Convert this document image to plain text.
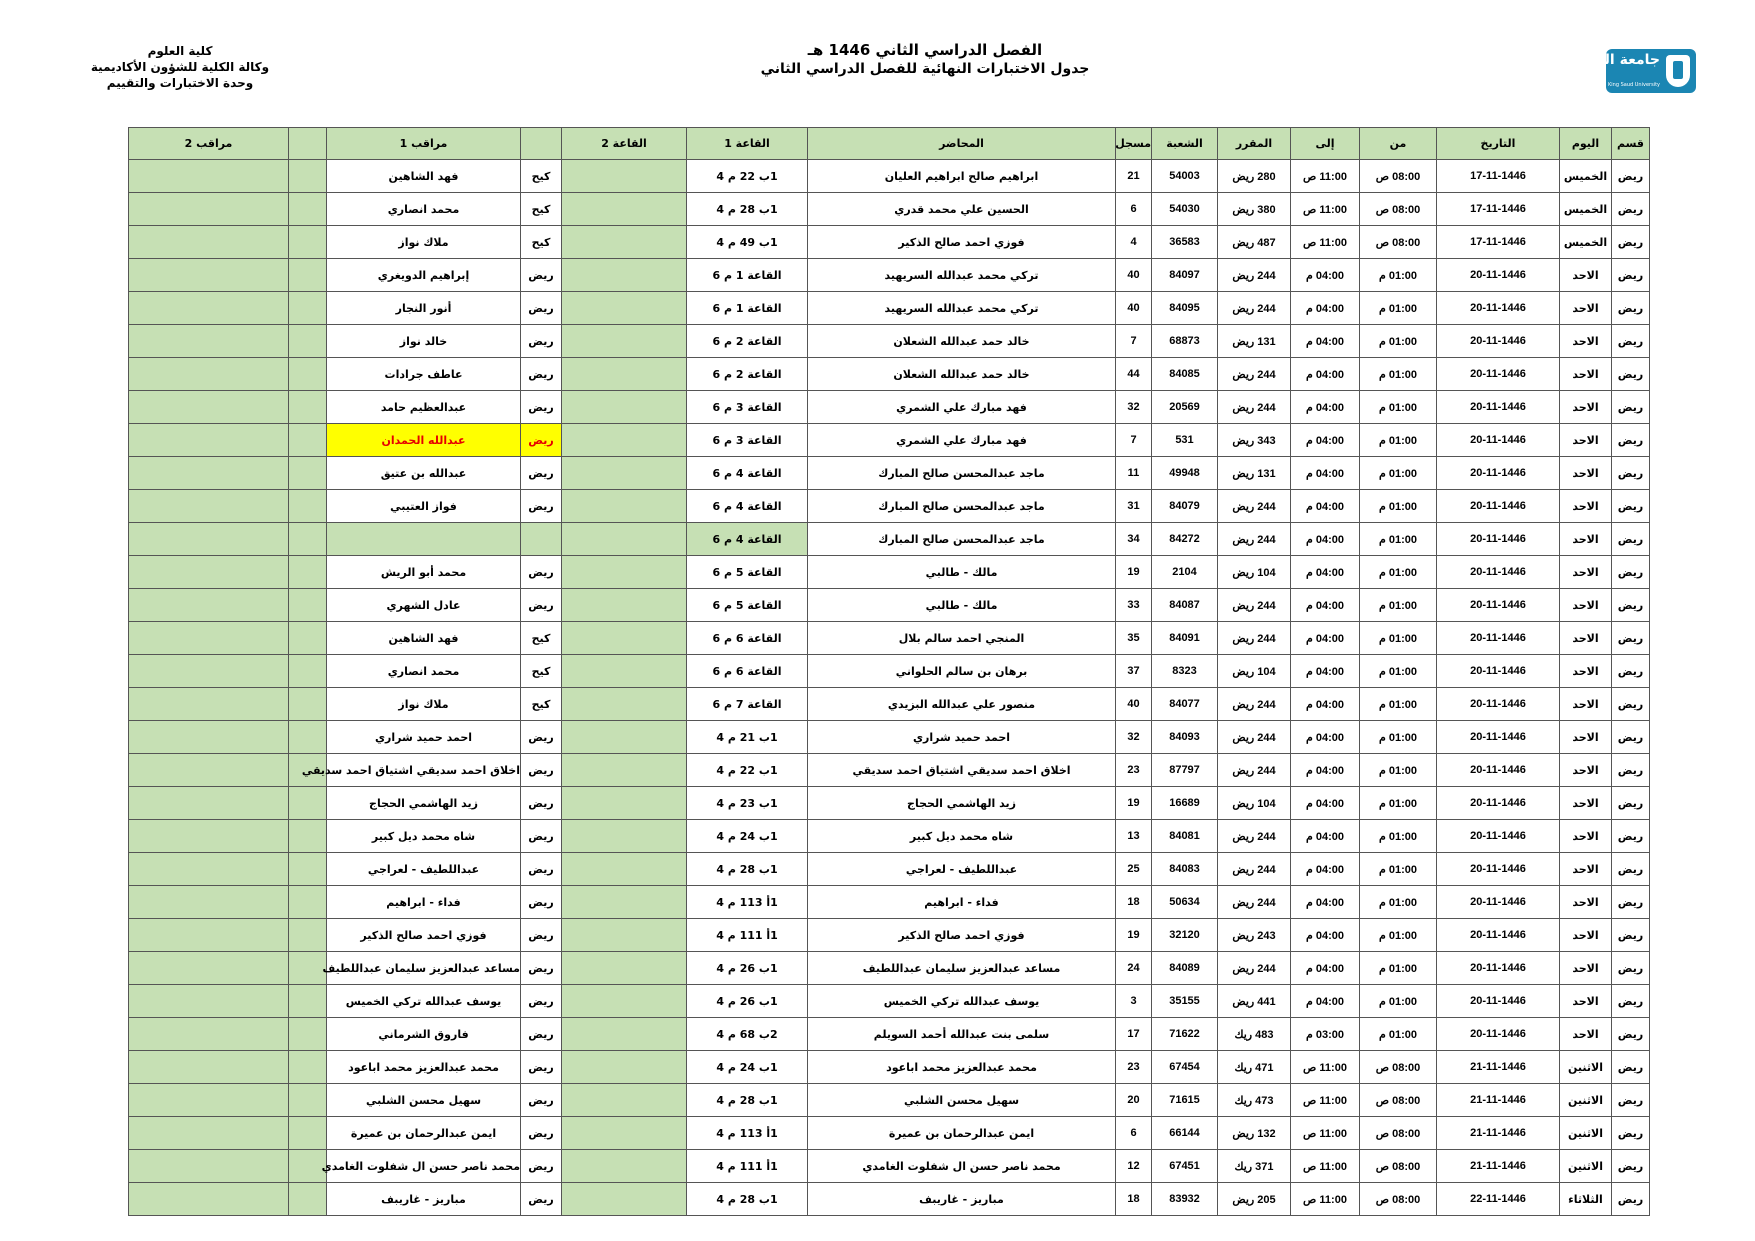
جامعة الملك سعود
King Saud University
الفصل الدراسي الثاني 1446 هـ
جدول الاختبارات النهائية للفصل الدراسي الثاني
كلية العلوم
وكالة الكلية للشؤون الأكاديمية
وحدة الاختبارات والتقييم
قسم	اليوم	التاريخ	من	إلى	المقرر	الشعبة	مسجل	المحاضر	القاعة 1	القاعة 2		مراقب 1		مراقب 2
ريض	الخميس	17-11-1446	08:00 ص	11:00 ص	280 ريض	54003	21	ابراهيم صالح ابراهيم العليان	1ب 22 م 4		كيح	فهد الشاهين		
ريض	الخميس	17-11-1446	08:00 ص	11:00 ص	380 ريض	54030	6	الحسين علي محمد قدري	1ب 28 م 4		كيح	محمد انصاري		
ريض	الخميس	17-11-1446	08:00 ص	11:00 ص	487 ريض	36583	4	فوزي احمد صالح الذكير	1ب 49 م 4		كيح	ملاك نواز		
ريض	الاحد	20-11-1446	01:00 م	04:00 م	244 ريض	84097	40	تركي محمد عبدالله السريهيد	القاعة 1 م 6		ريض	إبراهيم الدويغري		
ريض	الاحد	20-11-1446	01:00 م	04:00 م	244 ريض	84095	40	تركي محمد عبدالله السريهيد	القاعة 1 م 6		ريض	أنور النجار		
ريض	الاحد	20-11-1446	01:00 م	04:00 م	131 ريض	68873	7	خالد حمد عبدالله الشعلان	القاعة 2 م 6		ريض	خالد نواز		
ريض	الاحد	20-11-1446	01:00 م	04:00 م	244 ريض	84085	44	خالد حمد عبدالله الشعلان	القاعة 2 م 6		ريض	عاطف جرادات		
ريض	الاحد	20-11-1446	01:00 م	04:00 م	244 ريض	20569	32	فهد مبارك علي الشمري	القاعة 3 م 6		ريض	عبدالعظيم حامد		
ريض	الاحد	20-11-1446	01:00 م	04:00 م	343 ريض	531	7	فهد مبارك علي الشمري	القاعة 3 م 6		ريض	عبدالله الحمدان		
ريض	الاحد	20-11-1446	01:00 م	04:00 م	131 ريض	49948	11	ماجد عبدالمحسن صالح المبارك	القاعة 4 م 6		ريض	عبدالله بن عتيق		
ريض	الاحد	20-11-1446	01:00 م	04:00 م	244 ريض	84079	31	ماجد عبدالمحسن صالح المبارك	القاعة 4 م 6		ريض	فواز العتيبي		
ريض	الاحد	20-11-1446	01:00 م	04:00 م	244 ريض	84272	34	ماجد عبدالمحسن صالح المبارك	القاعة 4 م 6					
ريض	الاحد	20-11-1446	01:00 م	04:00 م	104 ريض	2104	19	مالك - طالبي	القاعة 5 م 6		ريض	محمد أبو الريش		
ريض	الاحد	20-11-1446	01:00 م	04:00 م	244 ريض	84087	33	مالك - طالبي	القاعة 5 م 6		ريض	عادل الشهري		
ريض	الاحد	20-11-1446	01:00 م	04:00 م	244 ريض	84091	35	المنجي احمد سالم بلال	القاعة 6 م 6		كيح	فهد الشاهين		
ريض	الاحد	20-11-1446	01:00 م	04:00 م	104 ريض	8323	37	برهان بن سالم الحلواني	القاعة 6 م 6		كيح	محمد انصاري		
ريض	الاحد	20-11-1446	01:00 م	04:00 م	244 ريض	84077	40	منصور علي عبدالله البزيدي	القاعة 7 م 6		كيح	ملاك نواز		
ريض	الاحد	20-11-1446	01:00 م	04:00 م	244 ريض	84093	32	احمد حميد شراري	1ب 21 م 4		ريض	احمد حميد شراري		
ريض	الاحد	20-11-1446	01:00 م	04:00 م	244 ريض	87797	23	اخلاق احمد سديقي اشتياق احمد سديقي	1ب 22 م 4		ريض	اخلاق احمد سديقي اشتياق احمد سديقي		
ريض	الاحد	20-11-1446	01:00 م	04:00 م	104 ريض	16689	19	زيد الهاشمي الحجاج	1ب 23 م 4		ريض	زيد الهاشمي الحجاج		
ريض	الاحد	20-11-1446	01:00 م	04:00 م	244 ريض	84081	13	شاه محمد ديل كبير	1ب 24 م 4		ريض	شاه محمد ديل كبير		
ريض	الاحد	20-11-1446	01:00 م	04:00 م	244 ريض	84083	25	عبداللطيف - لعراجي	1ب 28 م 4		ريض	عبداللطيف - لعراجي		
ريض	الاحد	20-11-1446	01:00 م	04:00 م	244 ريض	50634	18	فداء - ابراهيم	1أ 113 م 4		ريض	فداء - ابراهيم		
ريض	الاحد	20-11-1446	01:00 م	04:00 م	243 ريض	32120	19	فوزي احمد صالح الذكير	1أ 111 م 4		ريض	فوزي احمد صالح الذكير		
ريض	الاحد	20-11-1446	01:00 م	04:00 م	244 ريض	84089	24	مساعد عبدالعزيز سليمان عبداللطيف	1ب 26 م 4		ريض	مساعد عبدالعزيز سليمان عبداللطيف		
ريض	الاحد	20-11-1446	01:00 م	04:00 م	441 ريض	35155	3	يوسف عبدالله تركي الخميس	1ب 26 م 4		ريض	يوسف عبدالله تركي الخميس		
ريض	الاحد	20-11-1446	01:00 م	03:00 م	483 ريك	71622	17	سلمى بنت عبدالله أحمد السويلم	2ب 68 م 4		ريض	فاروق الشرماني		
ريض	الاثنين	21-11-1446	08:00 ص	11:00 ص	471 ريك	67454	23	محمد عبدالعزيز محمد اباعود	1ب 24 م 4		ريض	محمد عبدالعزيز محمد اباعود		
ريض	الاثنين	21-11-1446	08:00 ص	11:00 ص	473 ريك	71615	20	سهيل محسن الشلبي	1ب 28 م 4		ريض	سهيل محسن الشلبي		
ريض	الاثنين	21-11-1446	08:00 ص	11:00 ص	132 ريض	66144	6	ايمن عبدالرحمان بن عميرة	1أ 113 م 4		ريض	ايمن عبدالرحمان بن عميرة		
ريض	الاثنين	21-11-1446	08:00 ص	11:00 ص	371 ريك	67451	12	محمد ناصر حسن ال شفلوت الغامدي	1أ 111 م 4		ريض	محمد ناصر حسن ال شفلوت الغامدي		
ريض	الثلاثاء	22-11-1446	08:00 ص	11:00 ص	205 ريض	83932	18	مباريز - غاريبف	1ب 28 م 4		ريض	مباريز - غاريبف		
